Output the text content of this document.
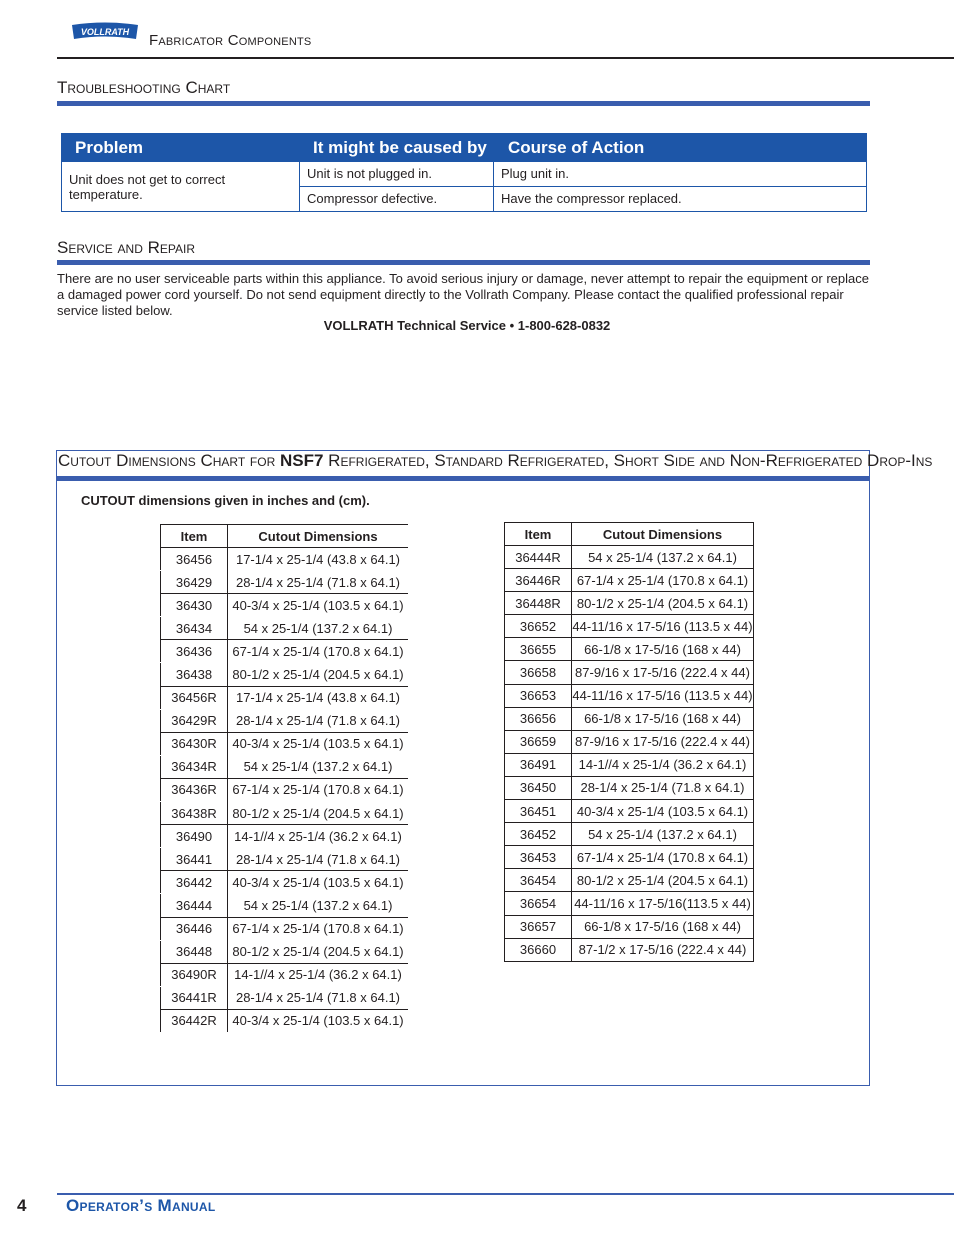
VOLLRATH Fabricator Components
Troubleshooting Chart
Problem	It might be caused by	Course of Action
Unit does not get to correct temperature.
Unit is not plugged in.	Plug unit in.
Compressor defective.	Have the compressor replaced.
Service and Repair
There are no user serviceable parts within this appliance. To avoid serious injury or damage, never attempt to repair the equipment or replace a damaged power cord yourself. Do not send equipment directly to the Vollrath Company. Please contact the qualified professional repair service listed below.
VOLLRATH Technical Service • 1-800-628-0832
Cutout Dimensions Chart for NSF7 Refrigerated, Standard Refrigerated, Short Side and Non-Refrigerated Drop-Ins
CUTOUT dimensions given in inches and (cm).
Item	Cutout Dimensions
36456	17-1/4 x 25-1/4 (43.8 x 64.1)
36429	28-1/4 x 25-1/4 (71.8 x 64.1)
36430	40-3/4 x 25-1/4 (103.5 x 64.1)
36434	54 x 25-1/4 (137.2 x 64.1)
36436	67-1/4 x 25-1/4 (170.8 x 64.1)
36438	80-1/2 x 25-1/4 (204.5 x 64.1)
36456R	17-1/4 x 25-1/4 (43.8 x 64.1)
36429R	28-1/4 x 25-1/4 (71.8 x 64.1)
36430R	40-3/4 x 25-1/4 (103.5 x 64.1)
36434R	54 x 25-1/4 (137.2 x 64.1)
36436R	67-1/4 x 25-1/4 (170.8 x 64.1)
36438R	80-1/2 x 25-1/4 (204.5 x 64.1)
36490	14-1//4 x 25-1/4 (36.2 x 64.1)
36441	28-1/4 x 25-1/4 (71.8 x 64.1)
36442	40-3/4 x 25-1/4 (103.5 x 64.1)
36444	54 x 25-1/4 (137.2 x 64.1)
36446	67-1/4 x 25-1/4 (170.8 x 64.1)
36448	80-1/2 x 25-1/4 (204.5 x 64.1)
36490R	14-1//4 x 25-1/4 (36.2 x 64.1)
36441R	28-1/4 x 25-1/4 (71.8 x 64.1)
36442R	40-3/4 x 25-1/4 (103.5 x 64.1)
Item	Cutout Dimensions
36444R	54 x 25-1/4 (137.2 x 64.1)
36446R	67-1/4 x 25-1/4 (170.8 x 64.1)
36448R	80-1/2 x 25-1/4 (204.5 x 64.1)
36652	44-11/16 x 17-5/16 (113.5 x 44)
36655	66-1/8 x 17-5/16 (168 x 44)
36658	87-9/16 x 17-5/16 (222.4 x 44)
36653	44-11/16 x 17-5/16 (113.5 x 44)
36656	66-1/8 x 17-5/16 (168 x 44)
36659	87-9/16 x 17-5/16 (222.4 x 44)
36491	14-1//4 x 25-1/4 (36.2 x 64.1)
36450	28-1/4 x 25-1/4 (71.8 x 64.1)
36451	40-3/4 x 25-1/4 (103.5 x 64.1)
36452	54 x 25-1/4 (137.2 x 64.1)
36453	67-1/4 x 25-1/4 (170.8 x 64.1)
36454	80-1/2 x 25-1/4 (204.5 x 64.1)
36654	44-11/16 x 17-5/16(113.5 x 44)
36657	66-1/8 x 17-5/16 (168 x 44)
36660	87-1/2 x 17-5/16 (222.4 x 44)
4 Operator’s Manual
